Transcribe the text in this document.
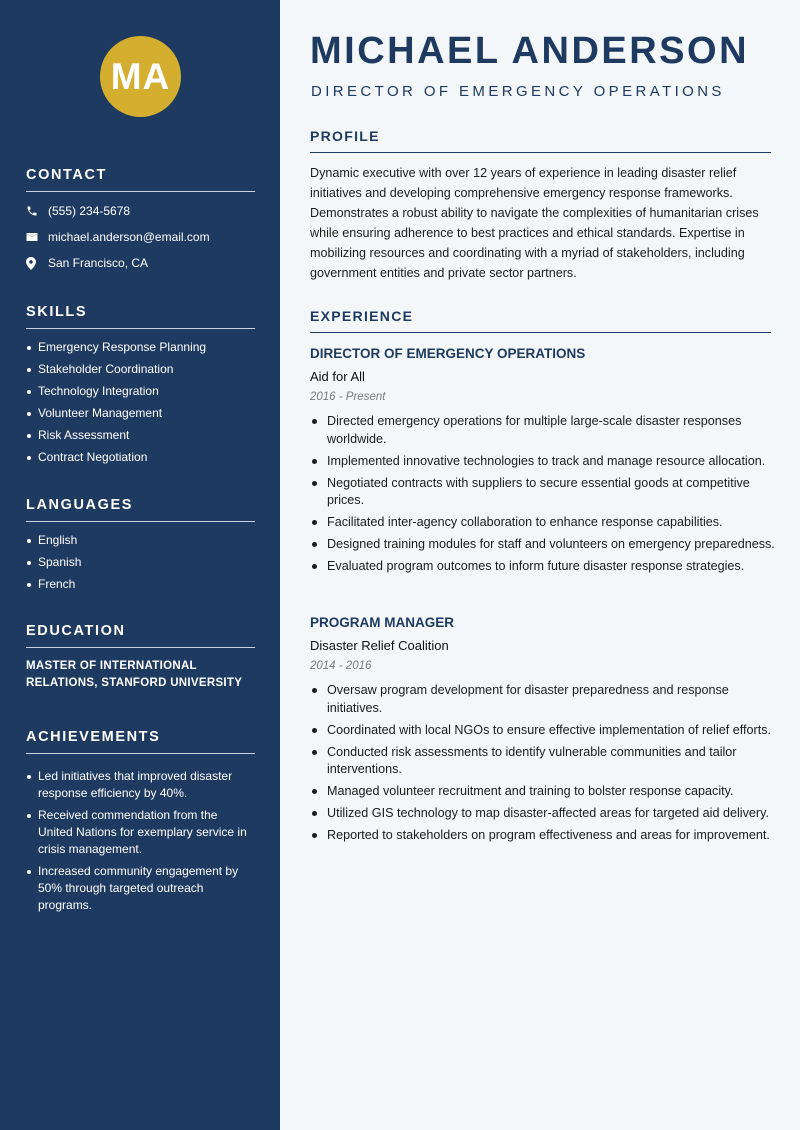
MA
CONTACT
(555) 234-5678
michael.anderson@email.com
San Francisco, CA
SKILLS
Emergency Response Planning
Stakeholder Coordination
Technology Integration
Volunteer Management
Risk Assessment
Contract Negotiation
LANGUAGES
English
Spanish
French
EDUCATION
MASTER OF INTERNATIONAL
RELATIONS, STANFORD UNIVERSITY
ACHIEVEMENTS
Led initiatives that improved disaster response efficiency by 40%.
Received commendation from the United Nations for exemplary service in crisis management.
Increased community engagement by 50% through targeted outreach programs.
MICHAEL ANDERSON
DIRECTOR OF EMERGENCY OPERATIONS
PROFILE

Dynamic executive with over 12 years of experience in leading disaster relief initiatives and developing comprehensive emergency response frameworks. Demonstrates a robust ability to navigate the complexities of humanitarian crises while ensuring adherence to best practices and ethical standards. Expertise in mobilizing resources and coordinating with a myriad of stakeholders, including government entities and private sector partners.

EXPERIENCE
DIRECTOR OF EMERGENCY OPERATIONS
Aid for All
2016 - Present
Directed emergency operations for multiple large-scale disaster responses worldwide.
Implemented innovative technologies to track and manage resource allocation.
Negotiated contracts with suppliers to secure essential goods at competitive prices.
Facilitated inter-agency collaboration to enhance response capabilities.
Designed training modules for staff and volunteers on emergency preparedness.
Evaluated program outcomes to inform future disaster response strategies.
PROGRAM MANAGER
Disaster Relief Coalition
2014 - 2016
Oversaw program development for disaster preparedness and response initiatives.
Coordinated with local NGOs to ensure effective implementation of relief efforts.
Conducted risk assessments to identify vulnerable communities and tailor interventions.
Managed volunteer recruitment and training to bolster response capacity.
Utilized GIS technology to map disaster-affected areas for targeted aid delivery.
Reported to stakeholders on program effectiveness and areas for improvement.
